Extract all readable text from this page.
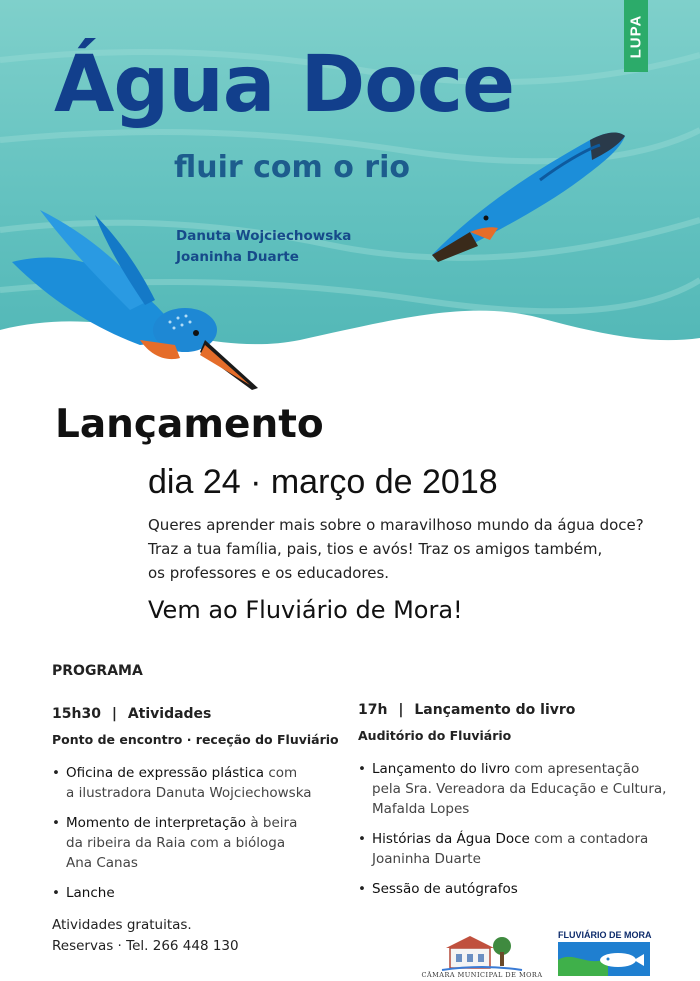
LUPA
Água Doce
fluir com o rio
Danuta Wojciechowska
Joaninha Duarte
Lançamento
dia 24 · março de 2018
Queres aprender mais sobre o maravilhoso mundo da água doce?
Traz a tua família, pais, tios e avós! Traz os amigos também,
os professores e os educadores.
Vem ao Fluviário de Mora!
PROGRAMA
15h30 | Atividades
Ponto de encontro · receção do Fluviário
• Oficina de expressão plástica com
a ilustradora Danuta Wojciechowska
• Momento de interpretação à beira
da ribeira da Raia com a bióloga
Ana Canas
• Lanche
17h | Lançamento do livro
Auditório do Fluviário
• Lançamento do livro com apresentação
pela Sra. Vereadora da Educação e Cultura,
Mafalda Lopes
• Histórias da Água Doce com a contadora
Joaninha Duarte
• Sessão de autógrafos
Atividades gratuitas.
Reservas · Tel. 266 448 130
CÂMARA MUNICIPAL DE MORA
FLUVIÁRIO DE MORA
